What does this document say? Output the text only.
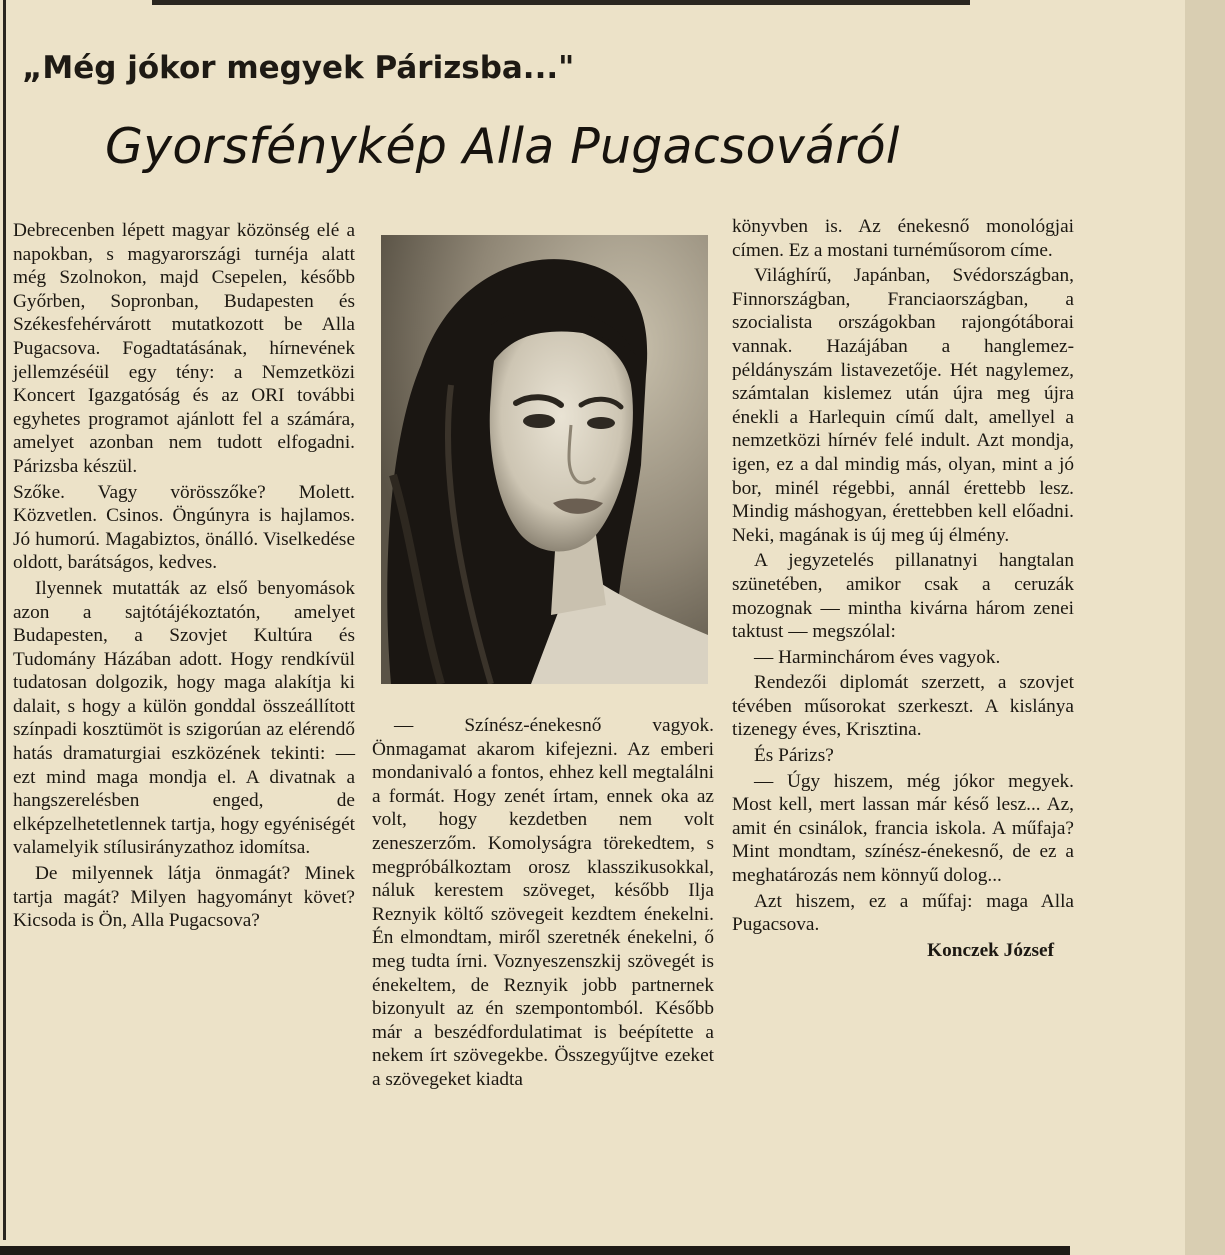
„Még jókor megyek Párizsba..."
Gyorsfénykép Alla Pugacsováról

Debrecenben lépett magyar közönség elé a napokban, s magyarországi turnéja alatt még Szolnokon, majd Csepelen, később Győrben, Sopronban, Budapesten és Székesfehérvárott mutatkozott be Alla Pugacsova. Fogadtatásának, hírnevének jellemzéséül egy tény: a Nemzetközi Koncert Igazgatóság és az ORI további egyhetes programot ajánlott fel a számára, amelyet azonban nem tudott elfogadni. Párizsba készül.

Szőke. Vagy vörösszőke? Molett. Közvetlen. Csinos. Öngúnyra is hajlamos. Jó humorú. Magabiztos, önálló. Viselkedése oldott, barátságos, kedves.

Ilyennek mutatták az első benyomások azon a sajtótájékoztatón, amelyet Budapesten, a Szovjet Kultúra és Tudomány Házában adott. Hogy rendkívül tudatosan dolgozik, hogy maga alakítja ki dalait, s hogy a külön gonddal összeállított színpadi kosztümöt is szigorúan az elérendő hatás dramaturgiai eszközének tekinti: — ezt mind maga mondja el. A divatnak a hangszerelésben enged, de elképzelhetetlennek tartja, hogy egyéniségét valamelyik stílusirányzathoz idomítsa.

De milyennek látja önmagát? Minek tartja magát? Milyen hagyományt követ? Kicsoda is Ön, Alla Pugacsova?

— Színész-énekesnő vagyok. Önmagamat akarom kifejezni. Az emberi mondanivaló a fontos, ehhez kell megtalálni a formát. Hogy zenét írtam, ennek oka az volt, hogy kezdetben nem volt zeneszerzőm. Komolyságra törekedtem, s megpróbálkoztam orosz klasszikusokkal, náluk kerestem szöveget, később Ilja Reznyik költő szövegeit kezdtem énekelni. Én elmondtam, miről szeretnék énekelni, ő meg tudta írni. Voznyeszenszkij szövegét is énekeltem, de Reznyik jobb partnernek bizonyult az én szempontomból. Később már a beszédfordulatimat is beépítette a nekem írt szövegekbe. Összegyűjtve ezeket a szövegeket kiadta

könyvben is. Az énekesnő monológjai címen. Ez a mostani turnéműsorom címe.

Világhírű, Japánban, Svédországban, Finnországban, Franciaországban, a szocialista országokban rajongótáborai vannak. Hazájában a hanglemez-példányszám listavezetője. Hét nagylemez, számtalan kislemez után újra meg újra énekli a Harlequin című dalt, amellyel a nemzetközi hírnév felé indult. Azt mondja, igen, ez a dal mindig más, olyan, mint a jó bor, minél régebbi, annál érettebb lesz. Mindig máshogyan, érettebben kell előadni. Neki, magának is új meg új élmény.

A jegyzetelés pillanatnyi hangtalan szünetében, amikor csak a ceruzák mozognak — mintha kivárna három zenei taktust — megszólal:

— Harminchárom éves vagyok.

Rendezői diplomát szerzett, a szovjet tévében műsorokat szerkeszt. A kislánya tizenegy éves, Krisztina.

És Párizs?

— Úgy hiszem, még jókor megyek. Most kell, mert lassan már késő lesz... Az, amit én csinálok, francia iskola. A műfaja? Mint mondtam, színész-énekesnő, de ez a meghatározás nem könnyű dolog...

Azt hiszem, ez a műfaj: maga Alla Pugacsova.

Konczek József
